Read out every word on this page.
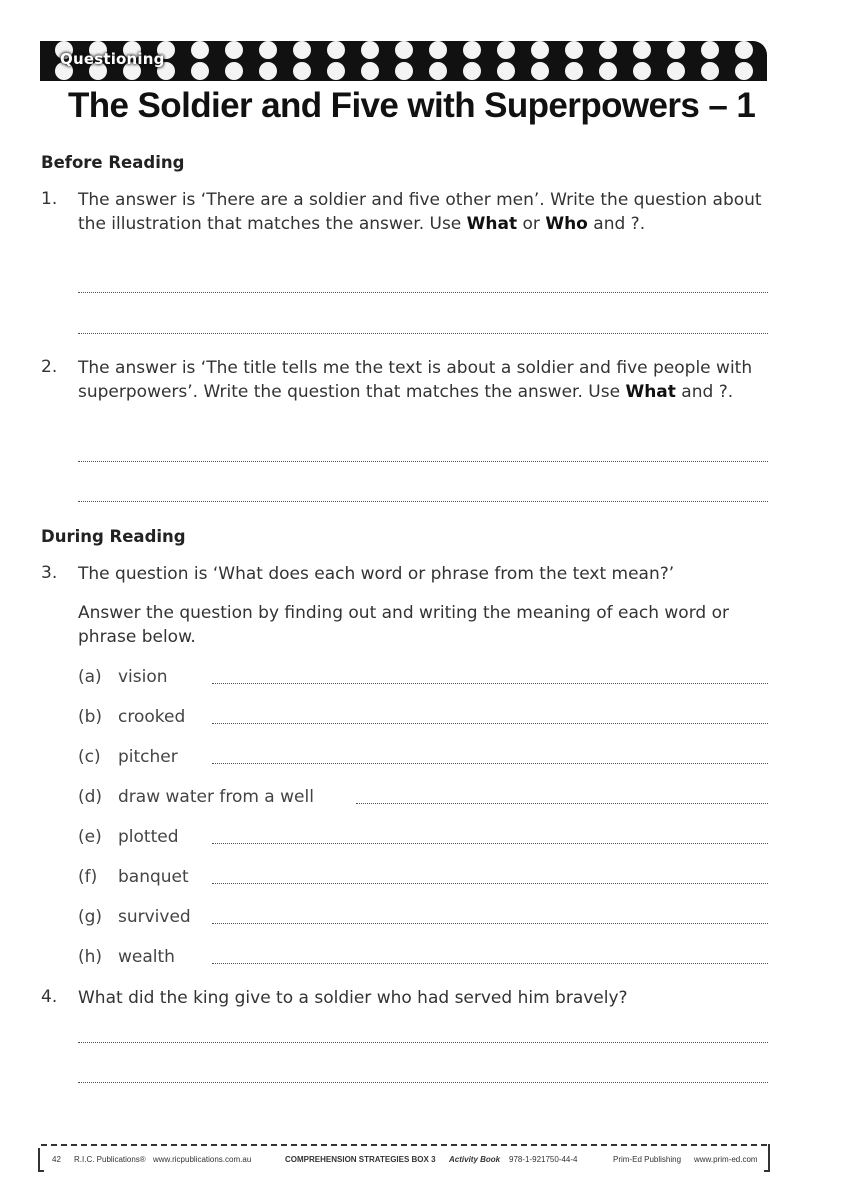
Questioning
The Soldier and Five with Superpowers – 1
Before Reading
1. The answer is ‘There are a soldier and five other men’. Write the question about the illustration that matches the answer. Use What or Who and ?.

2. The answer is ‘The title tells me the text is about a soldier and five people with superpowers’. Write the question that matches the answer. Use What and ?.

During Reading
3. The question is ‘What does each word or phrase from the text mean?’

Answer the question by finding out and writing the meaning of each word or phrase below.

(a) vision
(b) crooked
(c) pitcher
(d) draw water from a well
(e) plotted
(f) banquet
(g) survived
(h) wealth
4. What did the king give to a soldier who had served him bravely?

42 R.I.C. Publications® www.ricpublications.com.au	COMPREHENSION STRATEGIES BOX 3 Activity Book 978-1-921750-44-4	Prim-Ed Publishing www.prim-ed.com
